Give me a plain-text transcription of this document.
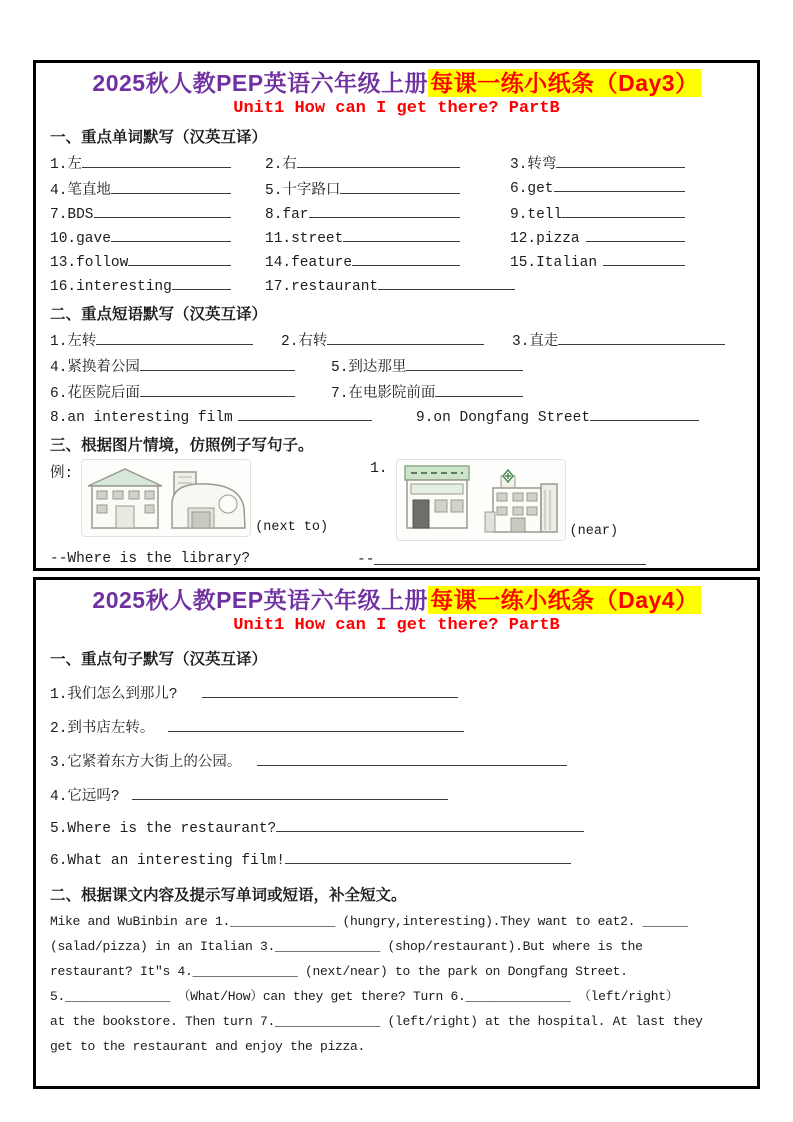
2025秋人教PEP英语六年级上册每课一练小纸条（Day3）
Unit1 How can I get there? PartB
一、重点单词默写（汉英互译）
1.左	2.右	3.转弯
4.笔直地	5.十字路口	6.get
7.BDS	8.far	9.tell
10.gave	11.street	12.pizza
13.follow	14.feature	15.Italian
16.interesting	17.restaurant
二、重点短语默写（汉英互译）
1.左转	2.右转	3.直走
4.紧换着公园	5.到达那里
6.花医院后面	7.在电影院前面
8.an interesting film	9.on Dongfang Street
三、根据图片情境，仿照例子写句子。
例:
(next to)
1.
(near)
--Where is the library?	--
2025秋人教PEP英语六年级上册每课一练小纸条（Day4）
Unit1 How can I get there? PartB
一、重点句子默写（汉英互译）
1.我们怎么到那儿?
2.到书店左转。
3.它紧着东方大街上的公园。
4.它远吗?
5.Where is the restaurant?
6.What an interesting film!
二、根据课文内容及提示写单词或短语，补全短文。
Mike and WuBinbin are 1.______________ (hungry,interesting).They want to eat2. ______
(salad/pizza) in an Italian 3.______________ (shop/restaurant).But where is the
restaurant? It"s 4.______________ (next/near) to the park on Dongfang Street.
5.______________ （What/How）can they get there? Turn 6.______________ （left/right）
at the bookstore. Then turn 7.______________ (left/right) at the hospital. At last they
get to the restaurant and enjoy the pizza.
